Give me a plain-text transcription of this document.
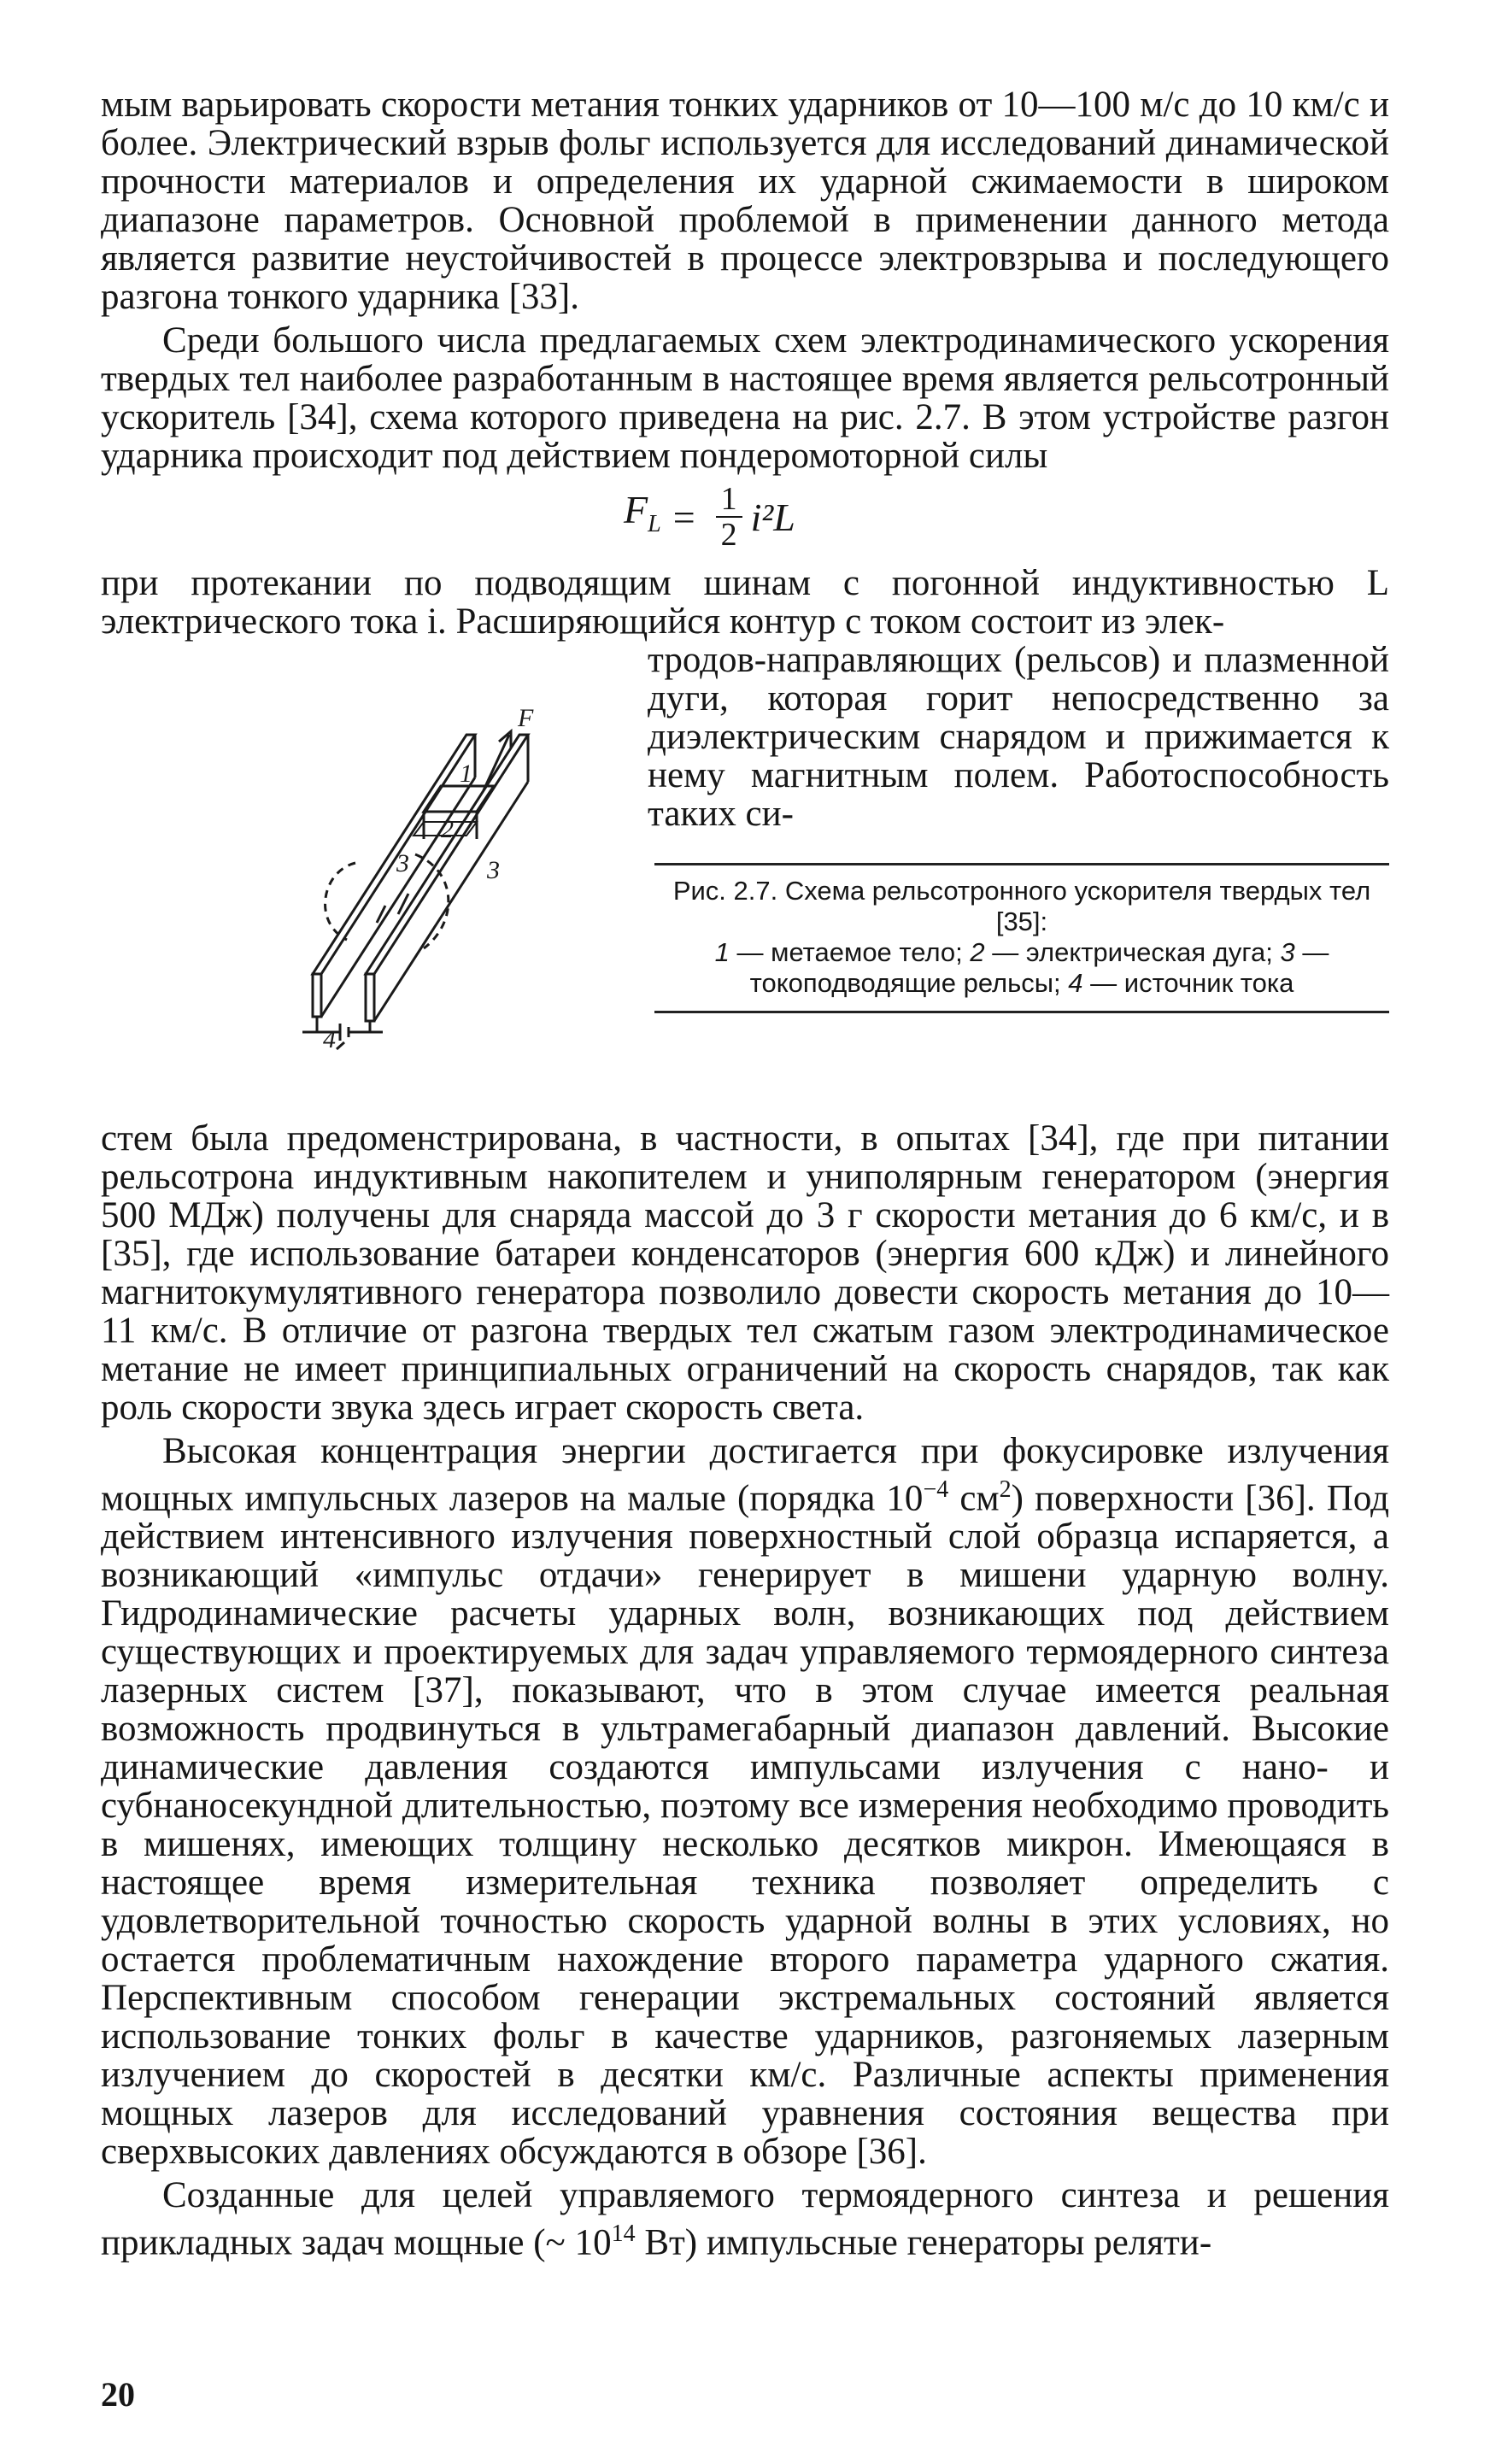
мым варьировать скорости метания тонких ударников от 10—100 м/с до 10 км/с и более. Электрический взрыв фольг используется для исследований динамической прочности материалов и определения их ударной сжимаемости в широком диапазоне параметров. Основной проблемой в применении данного метода является развитие неустойчивостей в процессе электровзрыва и последующего разгона тонкого ударника [33].

Среди большого числа предлагаемых схем электродинамического ускорения твердых тел наиболее разработанным в настоящее время является рельсотронный ускоритель [34], схема которого приведена на рис. 2.7. В этом устройстве разгон ударника происходит под действием пондеромоторной силы

$F_L = \frac{1}{2} i^2L$

при протекании по подводящим шинам с погонной индуктивностью L электрического тока i. Расширяющийся контур с током состоит из элек-

F
1
2
3	3
4

тродов-направляющих (рельсов) и плазменной дуги, которая горит непосредственно за диэлектрическим снарядом и прижимается к нему магнитным полем. Работоспособность таких си-

Рис. 2.7. Схема рельсотронного ускорителя твердых тел [35]:
1 — метаемое тело; 2 — электрическая дуга; 3 — токоподводящие рельсы; 4 — источник тока

стем была предоменстрирована, в частности, в опытах [34], где при питании рельсотрона индуктивным накопителем и униполярным генератором (энергия 500 МДж) получены для снаряда массой до 3 г скорости метания до 6 км/с, и в [35], где использование батареи конденсаторов (энергия 600 кДж) и линейного магнитокумулятивного генератора позволило довести скорость метания до 10—11 км/с. В отличие от разгона твердых тел сжатым газом электродинамическое метание не имеет принципиальных ограничений на скорость снарядов, так как роль скорости звука здесь играет скорость света.

Высокая концентрация энергии достигается при фокусировке излучения мощных импульсных лазеров на малые (порядка $10^{-4}$ $см^2$) поверхности [36]. Под действием интенсивного излучения поверхностный слой образца испаряется, а возникающий «импульс отдачи» генерирует в мишени ударную волну. Гидродинамические расчеты ударных волн, возникающих под действием существующих и проектируемых для задач управляемого термоядерного синтеза лазерных систем [37], показывают, что в этом случае имеется реальная возможность продвинуться в ультрамегабарный диапазон давлений. Высокие динамические давления создаются импульсами излучения с нано- и субнаносекундной длительностью, поэтому все измерения необходимо проводить в мишенях, имеющих толщину несколько десятков микрон. Имеющаяся в настоящее время измерительная техника позволяет определить с удовлетворительной точностью скорость ударной волны в этих условиях, но остается проблематичным нахождение второго параметра ударного сжатия. Перспективным способом генерации экстремальных состояний является использование тонких фольг в качестве ударников, разгоняемых лазерным излучением до скоростей в десятки км/с. Различные аспекты применения мощных лазеров для исследований уравнения состояния вещества при сверхвысоких давлениях обсуждаются в обзоре [36].

Созданные для целей управляемого термоядерного синтеза и решения прикладных задач мощные (~ $10^{14}$ Вт) импульсные генераторы реляти-

20
